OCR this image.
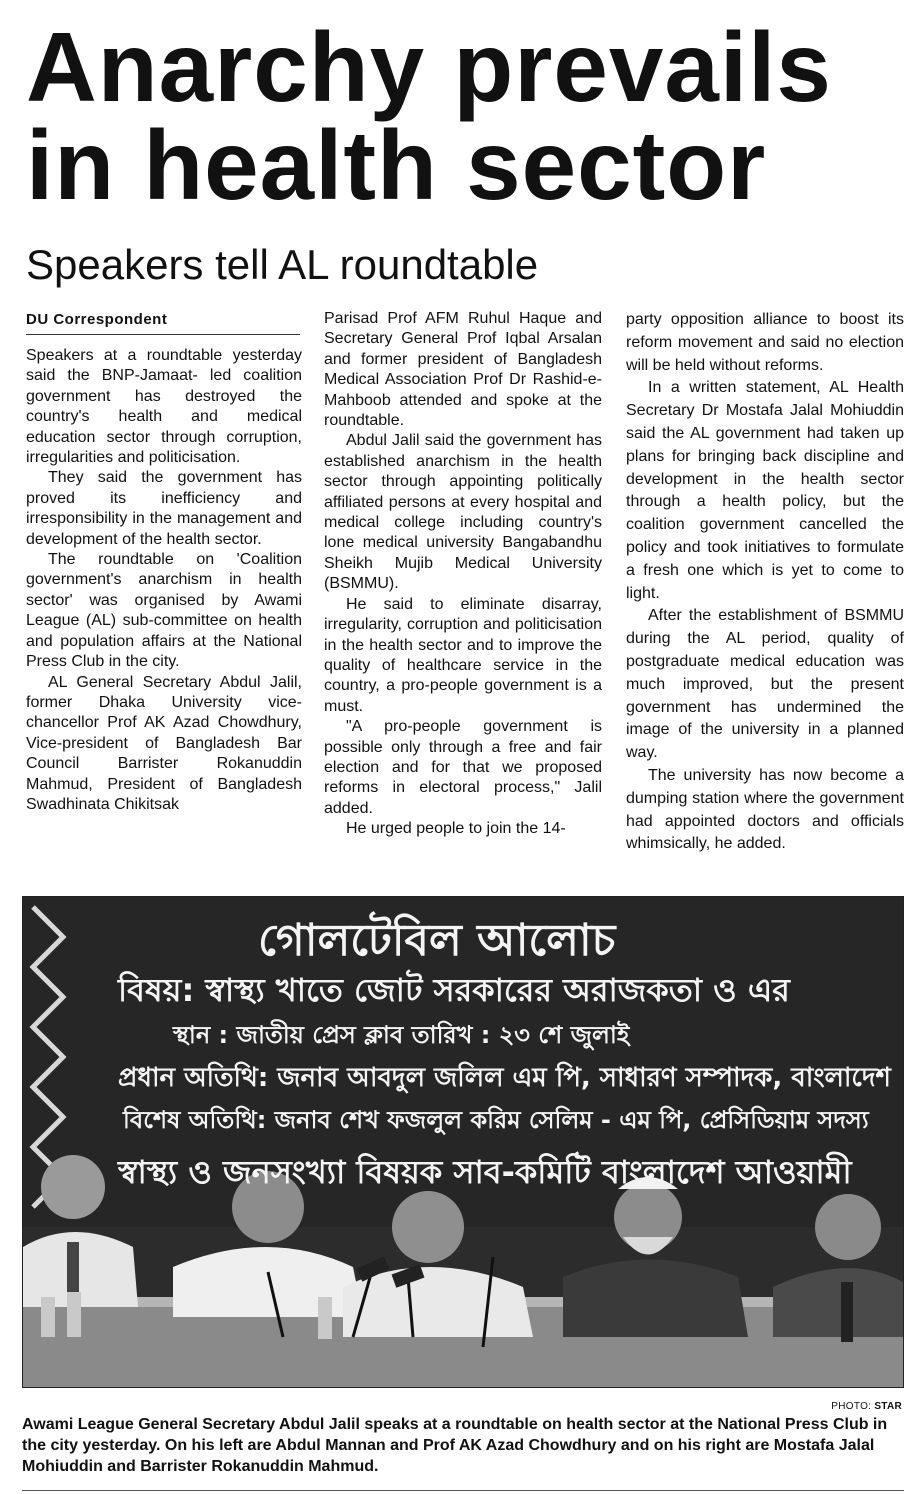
Anarchy prevails in health sector
Speakers tell AL roundtable
DU Correspondent

Speakers at a roundtable yesterday said the BNP-Jamaat- led coalition government has destroyed the country's health and medical education sector through corruption, irregularities and politicisation.

They said the government has proved its inefficiency and irresponsibility in the management and development of the health sector.

The roundtable on 'Coalition government's anarchism in health sector' was organised by Awami League (AL) sub-committee on health and population affairs at the National Press Club in the city.

AL General Secretary Abdul Jalil, former Dhaka University vice-chancellor Prof AK Azad Chowdhury, Vice-president of Bangladesh Bar Council Barrister Rokanuddin Mahmud, President of Bangladesh Swadhinata Chikitsak

Parisad Prof AFM Ruhul Haque and Secretary General Prof Iqbal Arsalan and former president of Bangladesh Medical Association Prof Dr Rashid-e-Mahboob attended and spoke at the roundtable.

Abdul Jalil said the government has established anarchism in the health sector through appointing politically affiliated persons at every hospital and medical college including country's lone medical university Bangabandhu Sheikh Mujib Medical University (BSMMU).

He said to eliminate disarray, irregularity, corruption and politicisation in the health sector and to improve the quality of healthcare service in the country, a pro-people government is a must.

"A pro-people government is possible only through a free and fair election and for that we proposed reforms in electoral process," Jalil added.

He urged people to join the 14-

party opposition alliance to boost its reform movement and said no election will be held without reforms.

In a written statement, AL Health Secretary Dr Mostafa Jalal Mohiuddin said the AL government had taken up plans for bringing back discipline and development in the health sector through a health policy, but the coalition government cancelled the policy and took initiatives to formulate a fresh one which is yet to come to light.

After the establishment of BSMMU during the AL period, quality of postgraduate medical education was much improved, but the present government has undermined the image of the university in a planned way.

The university has now become a dumping station where the government had appointed doctors and officials whimsically, he added.

গোলটেবিল আলোচ
বিষয়: স্বাস্থ্য খাতে জোট সরকারের অরাজকতা ও এর
স্থান : জাতীয় প্রেস ক্লাব তারিখ : ২৩ শে জুলাই
প্রধান অতিথি: জনাব আবদুল জলিল এম পি, সাধারণ সম্পাদক, বাংলাদেশ
বিশেষ অতিথি: জনাব শেখ ফজলুল করিম সেলিম - এম পি, প্রেসিডিয়াম সদস্য
স্বাস্থ্য ও জনসংখ্যা বিষয়ক সাব-কমিটি বাংলাদেশ আওয়ামী
PHOTO: STAR

Awami League General Secretary Abdul Jalil speaks at a roundtable on health sector at the National Press Club in the city yesterday. On his left are Abdul Mannan and Prof AK Azad Chowdhury and on his right are Mostafa Jalal Mohiuddin and Barrister Rokanuddin Mahmud.
